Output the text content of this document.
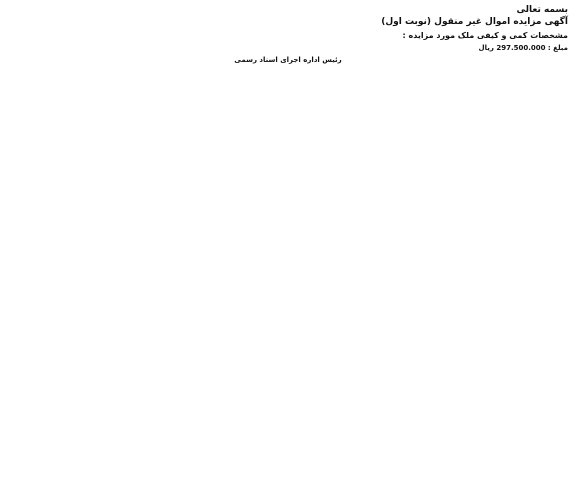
بسمه تعالی
آگهی مزایده اموال غیر منقول (نوبت اول)

مشخصات کمی و کیفی ملک مورد مزایده :

مبلغ : 297.500.000 ریال
رئیس اداره اجرای اسناد رسمی
